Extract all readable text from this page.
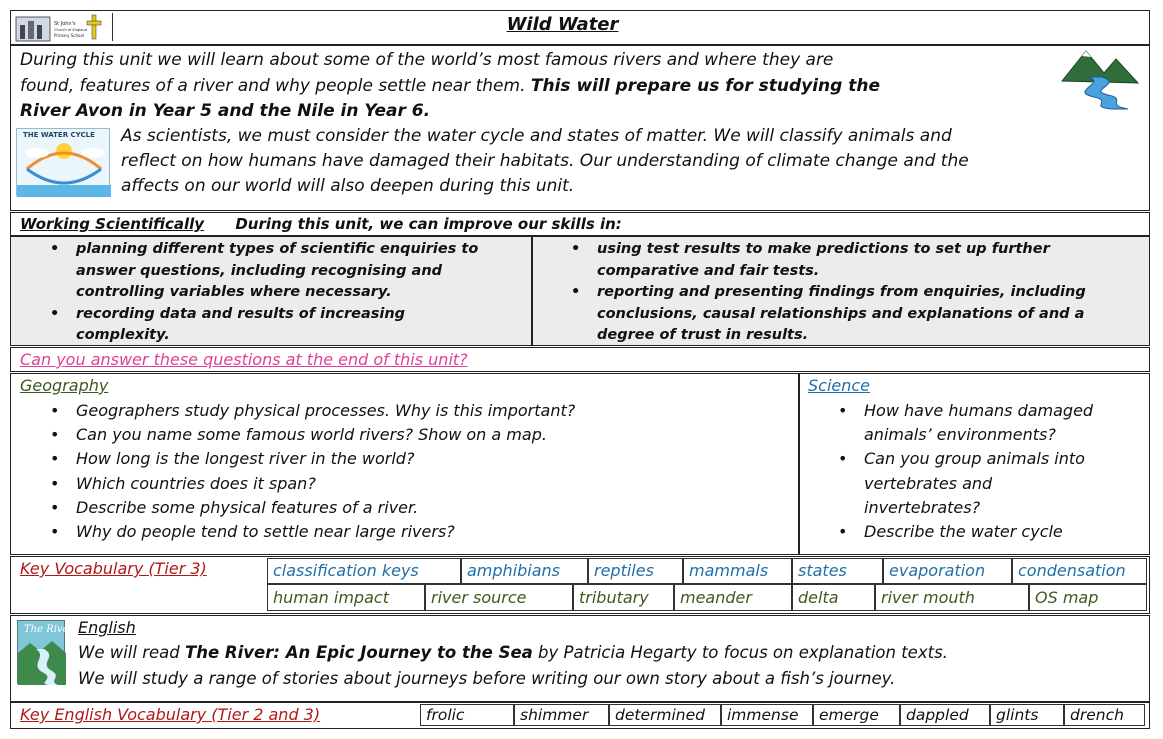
St John's
Church of England
Primary School
Wild Water
During this unit we will learn about some of the world’s most famous rivers and where they are
found, features of a river and why people settle near them. This will prepare us for studying the
River Avon in Year 5 and the Nile in Year 6.
THE WATER CYCLE As scientists, we must consider the water cycle and states of matter. We will classify animals and
reflect on how humans have damaged their habitats. Our understanding of climate change and the
affects on our world will also deepen during this unit.
Working Scientifically During this unit, we can improve our skills in:
• planning different types of scientific enquiries to
answer questions, including recognising and
controlling variables where necessary.
• recording data and results of increasing
complexity.
• using test results to make predictions to set up further
comparative and fair tests.
• reporting and presenting findings from enquiries, including
conclusions, causal relationships and explanations of and a
degree of trust in results.
Can you answer these questions at the end of this unit?
Geography
• Geographers study physical processes. Why is this important?
• Can you name some famous world rivers? Show on a map.
• How long is the longest river in the world?
• Which countries does it span?
• Describe some physical features of a river.
• Why do people tend to settle near large rivers?
Science
• How have humans damaged
animals’ environments?
• Can you group animals into
vertebrates and
invertebrates?
• Describe the water cycle
Key Vocabulary (Tier 3)
The River English
We will read The River: An Epic Journey to the Sea by Patricia Hegarty to focus on explanation texts.
We will study a range of stories about journeys before writing our own story about a fish’s journey.
Key English Vocabulary (Tier 2 and 3)
classification keys	amphibians	reptiles	mammals	states	evaporation	condensation
human impact	river source	tributary	meander	delta	river mouth	OS map
frolic	shimmer	determined	immense	emerge	dappled	glints	drench
